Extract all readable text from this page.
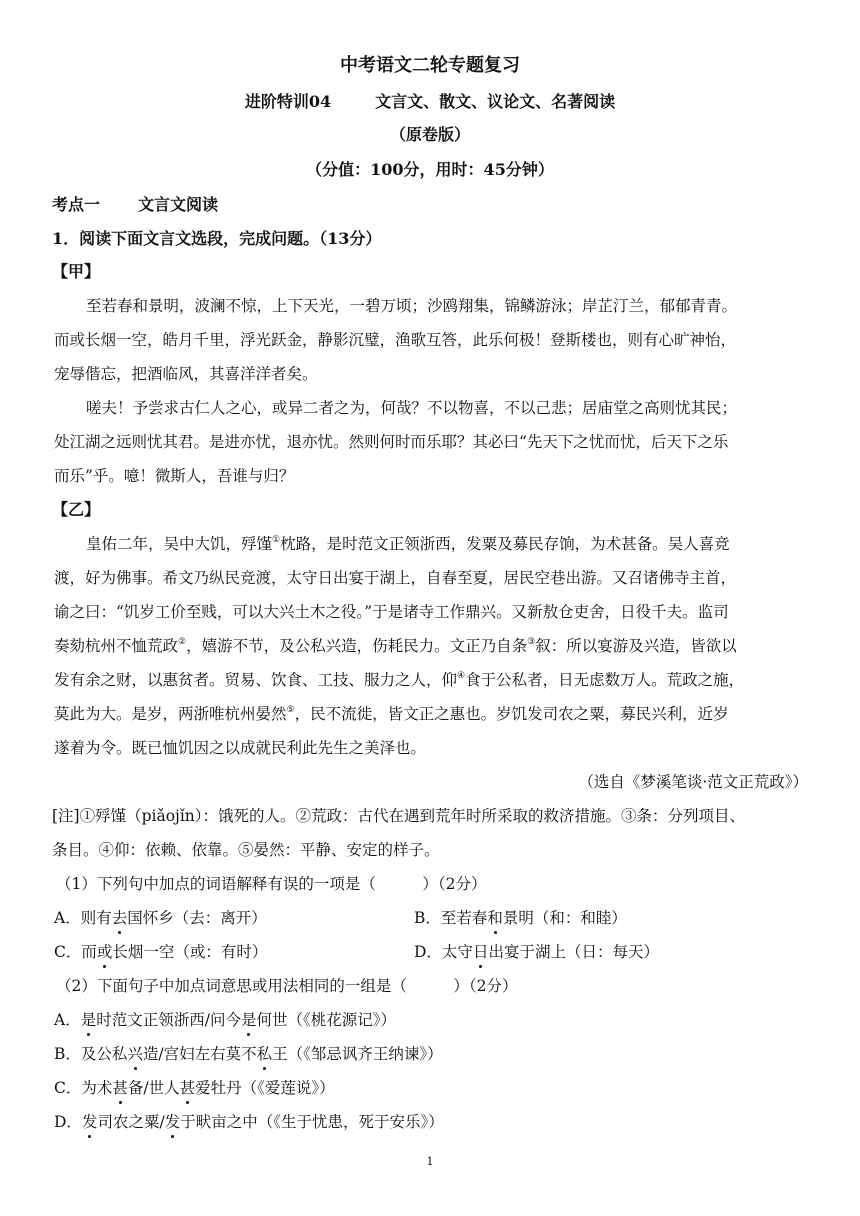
中考语文二轮专题复习
进阶特训04	文言文、散文、议论文、名著阅读
（原卷版）
（分值：100分，用时：45分钟）
考点一 文言文阅读
1．阅读下面文言文选段，完成问题。（13分）
【甲】
至若春和景明，波澜不惊，上下天光，一碧万顷；沙鸥翔集，锦鳞游泳；岸芷汀兰，郁郁青青。
而或长烟一空，皓月千里，浮光跃金，静影沉璧，渔歌互答，此乐何极！登斯楼也，则有心旷神怡，
宠辱偕忘，把酒临风，其喜洋洋者矣。
嗟夫！予尝求古仁人之心，或异二者之为，何哉？不以物喜，不以己悲；居庙堂之高则忧其民；
处江湖之远则忧其君。是进亦忧，退亦忧。然则何时而乐耶？其必曰“先天下之忧而忧，后天下之乐
而乐”乎。噫！微斯人，吾谁与归？
【乙】
皇佑二年，吴中大饥，殍馑①枕路，是时范文正领浙西，发粟及募民存饷，为术甚备。吴人喜竞
渡，好为佛事。希文乃纵民竞渡，太守日出宴于湖上，自春至夏，居民空巷出游。又召诸佛寺主首，
谕之曰：“饥岁工价至贱，可以大兴土木之役。”于是诸寺工作鼎兴。又新敖仓吏舍，日役千夫。监司
奏劾杭州不恤荒政②，嬉游不节，及公私兴造，伤耗民力。文正乃自条③叙：所以宴游及兴造，皆欲以
发有余之财，以惠贫者。贸易、饮食、工技、服力之人，仰④食于公私者，日无虑数万人。荒政之施，
莫此为大。是岁，两浙唯杭州晏然⑤，民不流徙，皆文正之惠也。岁饥发司农之粟，募民兴利，近岁
遂着为令。既已恤饥因之以成就民利此先生之美泽也。
（选自《梦溪笔谈·范文正荒政》）
[注]①殍馑（piǎojǐn）：饿死的人。②荒政：古代在遇到荒年时所采取的救济措施。③条：分列项目、
条目。④仰：依赖、依靠。⑤晏然：平静、安定的样子。
（1）下列句中加点的词语解释有误的一项是（　　　）（2分）
A．则有去国怀乡（去：离开）	B．至若春和景明（和：和睦）
C．而或长烟一空（或：有时）	D．太守日出宴于湖上（日：每天）
（2）下面句子中加点词意思或用法相同的一组是（　　　）（2分）
A．是时范文正领浙西/问今是何世（《桃花源记》）
B．及公私兴造/宫妇左右莫不私王（《邹忌讽齐王纳谏》）
C．为术甚备/世人甚爱牡丹（《爱莲说》）
D．发司农之粟/发于畎亩之中（《生于忧患，死于安乐》）
1
